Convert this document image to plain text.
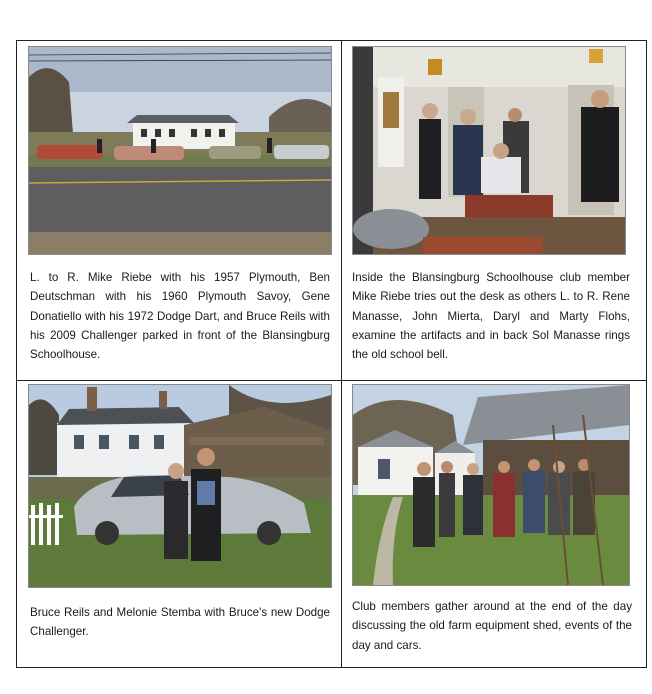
L. to R. Mike Riebe with his 1957 Plymouth, Ben Deutschman with his 1960 Plymouth Savoy, Gene Donatiello with his 1972 Dodge Dart, and Bruce Reils with his 2009 Challenger parked in front of the Blansingburg Schoolhouse.
Inside the Blansingburg Schoolhouse club member Mike Riebe tries out the desk as others L. to R. Rene Manasse, John Mierta, Daryl and Marty Flohs, examine the artifacts and in back Sol Manasse rings the old school bell.
Bruce Reils and Melonie Stemba with Bruce's new Dodge Challenger.
Club members gather around at the end of the day discussing the old farm equipment shed, events of the day and cars.
